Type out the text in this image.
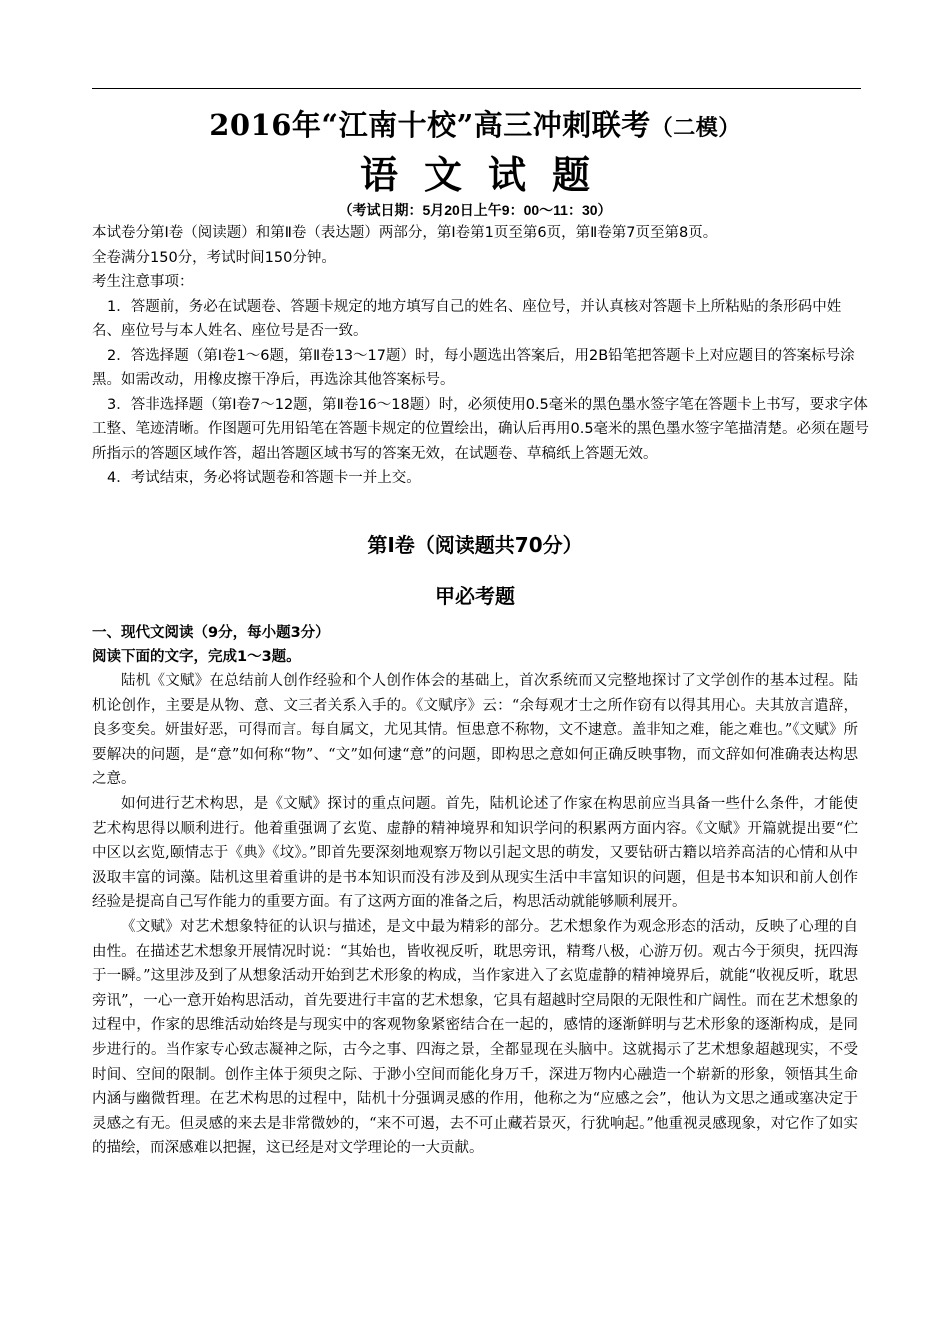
2016年“江南十校”高三冲刺联考（二模）
语文试题
（考试日期：5月20日上午9：00～11：30）

本试卷分第Ⅰ卷（阅读题）和第Ⅱ卷（表达题）两部分，第Ⅰ卷第1页至第6页，第Ⅱ卷第7页至第8页。

全卷满分150分，考试时间150分钟。

考生注意事项：

1．答题前，务必在试题卷、答题卡规定的地方填写自己的姓名、座位号，并认真核对答题卡上所粘贴的条形码中姓名、座位号与本人姓名、座位号是否一致。

2．答选择题（第Ⅰ卷1～6题，第Ⅱ卷13～17题）时，每小题选出答案后，用2B铅笔把答题卡上对应题目的答案标号涂黑。如需改动，用橡皮擦干净后，再选涂其他答案标号。

3．答非选择题（第Ⅰ卷7～12题，第Ⅱ卷16～18题）时，必须使用0.5毫米的黑色墨水签字笔在答题卡上书写，要求字体工整、笔迹清晰。作图题可先用铅笔在答题卡规定的位置绘出，确认后再用0.5毫米的黑色墨水签字笔描清楚。必须在题号所指示的答题区域作答，超出答题区域书写的答案无效，在试题卷、草稿纸上答题无效。

4．考试结束，务必将试题卷和答题卡一并上交。

第Ⅰ卷（阅读题共70分）
甲必考题
一、现代文阅读（9分，每小题3分）
阅读下面的文字，完成1～3题。

陆机《文赋》在总结前人创作经验和个人创作体会的基础上，首次系统而又完整地探讨了文学创作的基本过程。陆机论创作，主要是从物、意、文三者关系入手的。《文赋序》云：“余每观才士之所作窃有以得其用心。夫其放言遣辞，良多变矣。妍蚩好恶，可得而言。每自属文，尤见其情。恒患意不称物，文不逮意。盖非知之难，能之难也。”《文赋》所要解决的问题，是“意”如何称“物”、“文”如何逮“意”的问题，即构思之意如何正确反映事物，而文辞如何准确表达构思之意。

如何进行艺术构思，是《文赋》探讨的重点问题。首先，陆机论述了作家在构思前应当具备一些什么条件，才能使艺术构思得以顺利进行。他着重强调了玄览、虚静的精神境界和知识学问的积累两方面内容。《文赋》开篇就提出要“伫中区以玄览,颐情志于《典》《坟》。”即首先要深刻地观察万物以引起文思的萌发，又要钻研古籍以培养高洁的心情和从中汲取丰富的词藻。陆机这里着重讲的是书本知识而没有涉及到从现实生活中丰富知识的问题，但是书本知识和前人创作经验是提高自己写作能力的重要方面。有了这两方面的准备之后，构思活动就能够顺利展开。

《文赋》对艺术想象特征的认识与描述，是文中最为精彩的部分。艺术想象作为观念形态的活动，反映了心理的自由性。在描述艺术想象开展情况时说：“其始也，皆收视反听，耽思旁讯，精骛八极，心游万仞。观古今于须臾，抚四海于一瞬。”这里涉及到了从想象活动开始到艺术形象的构成，当作家进入了玄览虚静的精神境界后，就能“收视反听，耽思旁讯”，一心一意开始构思活动，首先要进行丰富的艺术想象，它具有超越时空局限的无限性和广阔性。而在艺术想象的过程中，作家的思维活动始终是与现实中的客观物象紧密结合在一起的，感情的逐渐鲜明与艺术形象的逐渐构成，是同步进行的。当作家专心致志凝神之际，古今之事、四海之景，全都显现在头脑中。这就揭示了艺术想象超越现实，不受时间、空间的限制。创作主体于须臾之际、于渺小空间而能化身万千，深进万物内心融造一个崭新的形象，领悟其生命内涵与幽微哲理。在艺术构思的过程中，陆机十分强调灵感的作用，他称之为“应感之会”，他认为文思之通或塞决定于灵感之有无。但灵感的来去是非常微妙的，“来不可遏，去不可止藏若景灭，行犹响起。”他重视灵感现象，对它作了如实的描绘，而深感难以把握，这已经是对文学理论的一大贡献。
